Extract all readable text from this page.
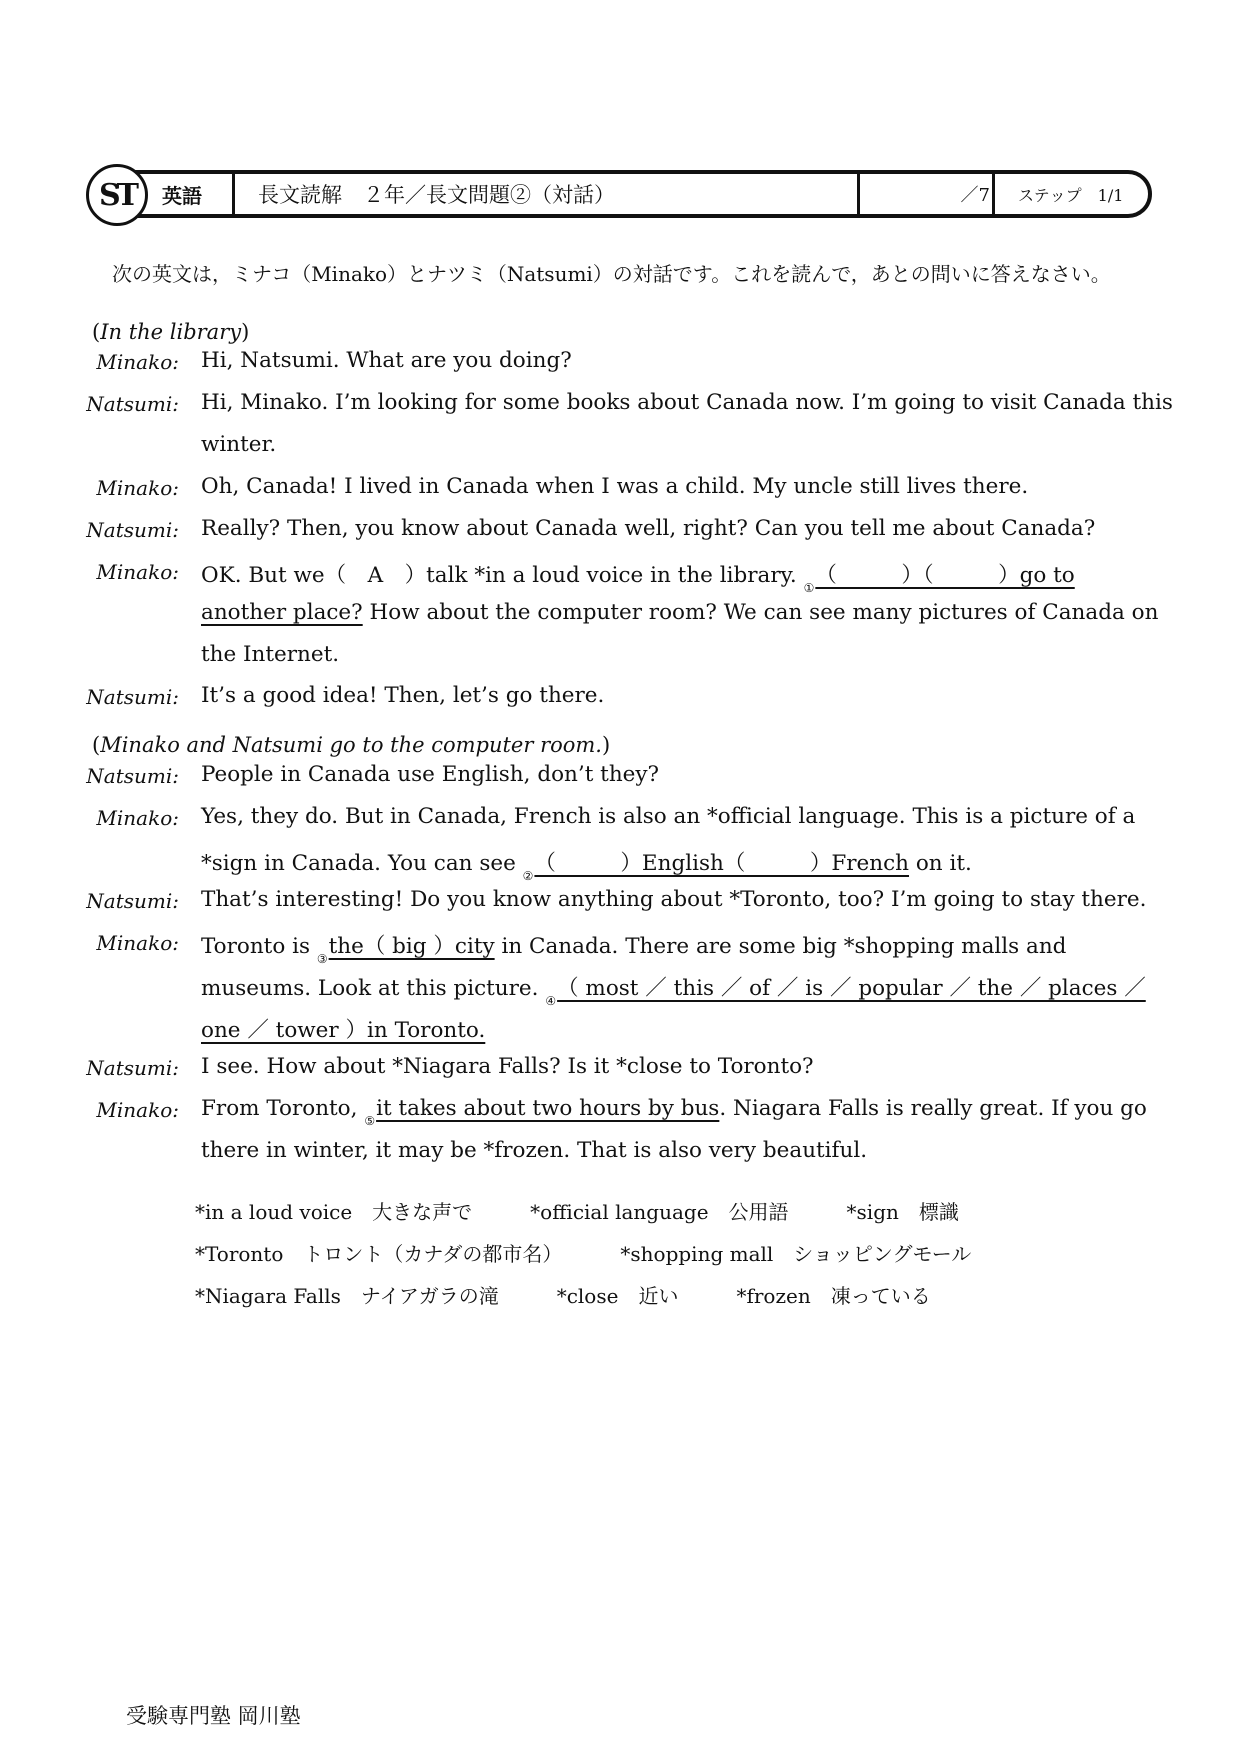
ST	英語	長文読解　２年／長文問題②（対話）	／7 ステップ　1/1
次の英文は，ミナコ（Minako）とナツミ（Natsumi）の対話です。これを読んで，あとの問いに答えなさい。
(In the library)
Minako: Hi, Natsumi. What are you doing?
Natsumi: Hi, Minako. I’m looking for some books about Canada now. I’m going to visit Canada this
winter.
Minako: Oh, Canada! I lived in Canada when I was a child. My uncle still lives there.
Natsumi: Really? Then, you know about Canada well, right? Can you tell me about Canada?
Minako: OK. But we（　A　）talk *in a loud voice in the library. ①（　　　）（　　　）go to
another place? How about the computer room? We can see many pictures of Canada on
the Internet.
Natsumi: It’s a good idea! Then, let’s go there.
(Minako and Natsumi go to the computer room.)
Natsumi: People in Canada use English, don’t they?
Minako: Yes, they do. But in Canada, French is also an *official language. This is a picture of a
*sign in Canada. You can see ②（　　　）English（　　　）French on it.
Natsumi: That’s interesting! Do you know anything about *Toronto, too? I’m going to stay there.
Minako: Toronto is ③the（ big ）city in Canada. There are some big *shopping malls and
museums. Look at this picture. ④（ most ／ this ／ of ／ is ／ popular ／ the ／ places ／
one ／ tower ）in Toronto.
Natsumi: I see. How about *Niagara Falls? Is it *close to Toronto?
Minako: From Toronto, ⑤it takes about two hours by bus. Niagara Falls is really great. If you go
there in winter, it may be *frozen. That is also very beautiful.
*in a loud voice　大きな声で	*official language　公用語	*sign　標識
*Toronto　トロント（カナダの都市名）	*shopping mall　ショッピングモール
*Niagara Falls　ナイアガラの滝	*close　近い	*frozen　凍っている
受験専門塾 岡川塾
